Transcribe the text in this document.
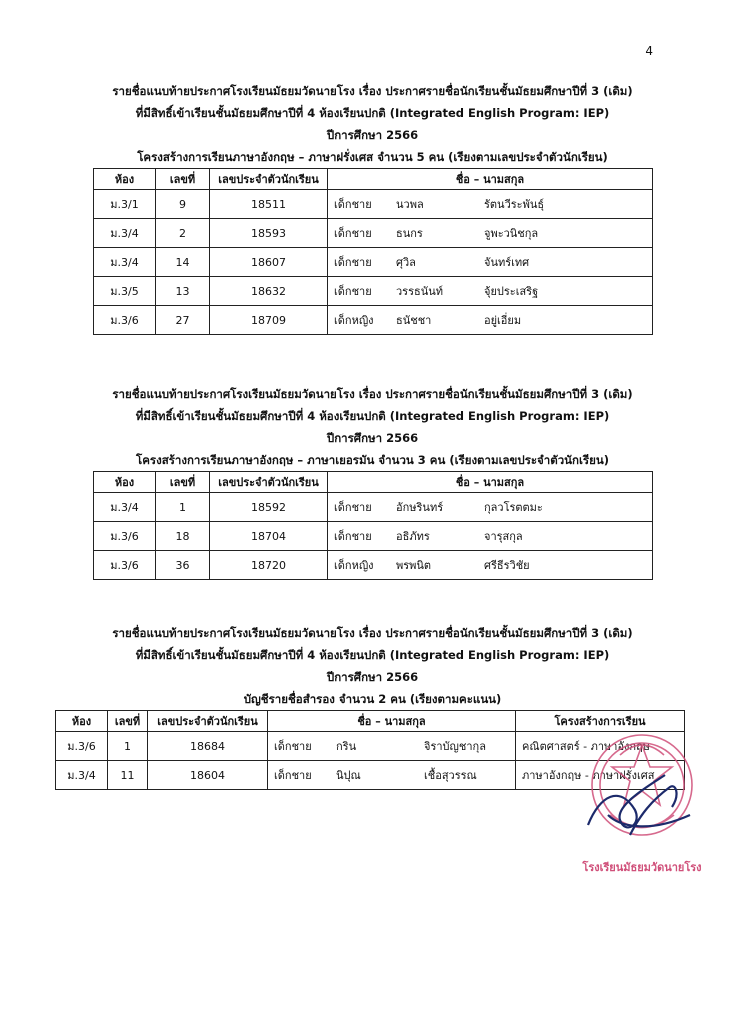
4
รายชื่อแนบท้ายประกาศโรงเรียนมัธยมวัดนายโรง เรื่อง ประกาศรายชื่อนักเรียนชั้นมัธยมศึกษาปีที่ 3 (เดิม)
ที่มีสิทธิ์เข้าเรียนชั้นมัธยมศึกษาปีที่ 4 ห้องเรียนปกติ (Integrated English Program: IEP)
ปีการศึกษา 2566
โครงสร้างการเรียนภาษาอังกฤษ – ภาษาฝรั่งเศส จำนวน 5 คน (เรียงตามเลขประจำตัวนักเรียน)
ห้อง	เลขที่	เลขประจำตัวนักเรียน	ชื่อ – นามสกุล
ม.3/1	9	18511	เด็กชาย นวพล รัตนวีระพันธุ์
ม.3/4	2	18593	เด็กชาย ธนกร จูพะวนิชกุล
ม.3/4	14	18607	เด็กชาย ศุวิล จันทร์เทศ
ม.3/5	13	18632	เด็กชาย วรรธนันท์ จุ้ยประเสริฐ
ม.3/6	27	18709	เด็กหญิง ธนัชชา อยู่เอี่ยม
รายชื่อแนบท้ายประกาศโรงเรียนมัธยมวัดนายโรง เรื่อง ประกาศรายชื่อนักเรียนชั้นมัธยมศึกษาปีที่ 3 (เดิม)
ที่มีสิทธิ์เข้าเรียนชั้นมัธยมศึกษาปีที่ 4 ห้องเรียนปกติ (Integrated English Program: IEP)
ปีการศึกษา 2566
โครงสร้างการเรียนภาษาอังกฤษ – ภาษาเยอรมัน จำนวน 3 คน (เรียงตามเลขประจำตัวนักเรียน)
ห้อง	เลขที่	เลขประจำตัวนักเรียน	ชื่อ – นามสกุล
ม.3/4	1	18592	เด็กชาย อักษรินทร์ กุลวโรตตมะ
ม.3/6	18	18704	เด็กชาย อธิภัทร จารุสกุล
ม.3/6	36	18720	เด็กหญิง พรพนิต ศรีธีรวิชัย
รายชื่อแนบท้ายประกาศโรงเรียนมัธยมวัดนายโรง เรื่อง ประกาศรายชื่อนักเรียนชั้นมัธยมศึกษาปีที่ 3 (เดิม)
ที่มีสิทธิ์เข้าเรียนชั้นมัธยมศึกษาปีที่ 4 ห้องเรียนปกติ (Integrated English Program: IEP)
ปีการศึกษา 2566
บัญชีรายชื่อสำรอง จำนวน 2 คน (เรียงตามคะแนน)
ห้อง	เลขที่	เลขประจำตัวนักเรียน	ชื่อ – นามสกุล	โครงสร้างการเรียน
ม.3/6	1	18684	เด็กชาย กริน จิราบัญชากุล	คณิตศาสตร์ - ภาษาอังกฤษ
ม.3/4	11	18604	เด็กชาย นิปุณ เชื้อสุวรรณ	ภาษาอังกฤษ - ภาษาฝรั่งเศส
โรงเรียนมัธยมวัดนายโรง
